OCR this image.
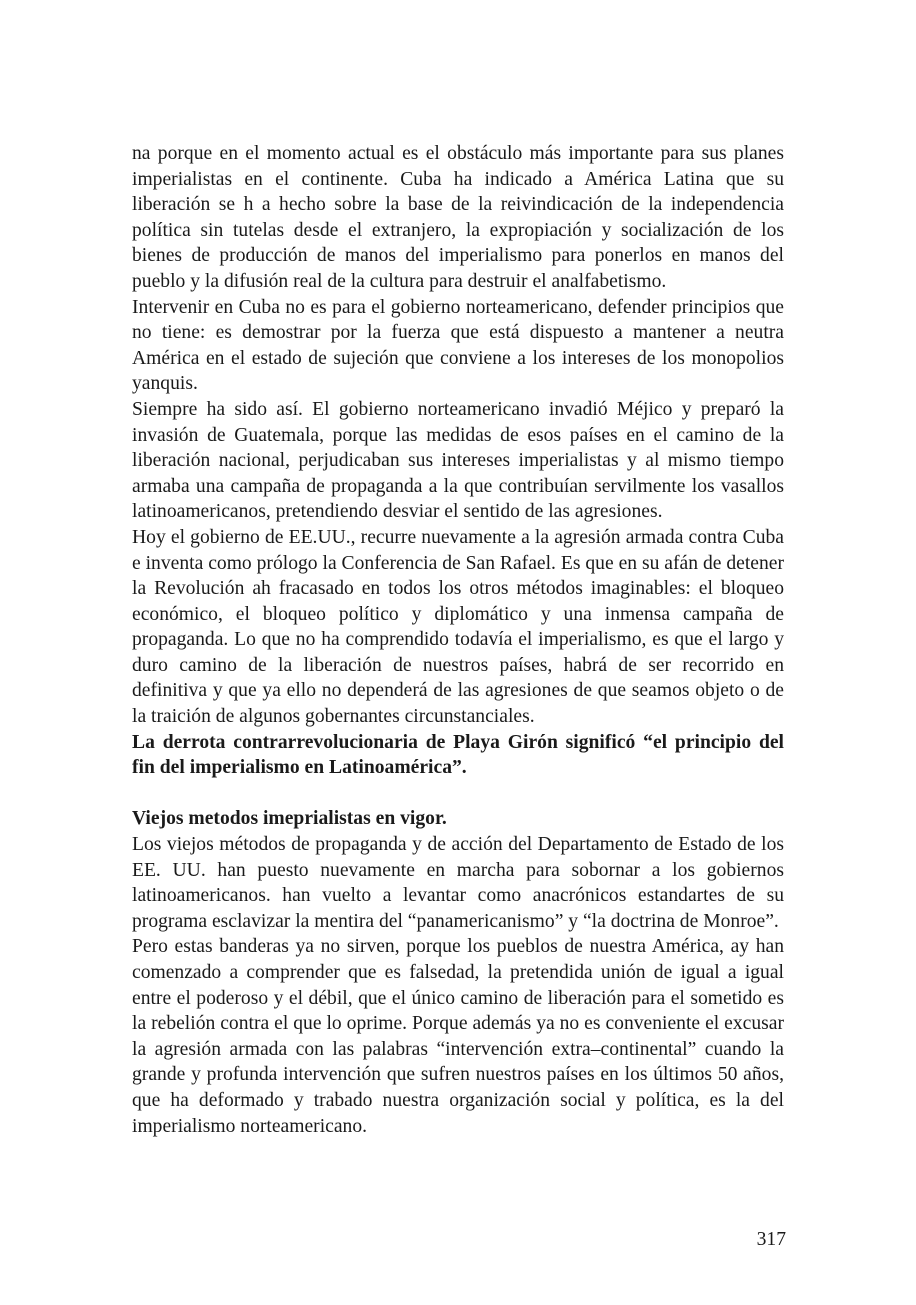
na porque en el momento actual es el obstáculo más importante para sus planes imperialistas en el continente. Cuba ha indicado a América Latina que su liberación se h a hecho sobre la base de la reivindicación de la independencia política sin tutelas desde el extranjero, la expropiación y socialización de los bienes de producción de manos del imperialismo para ponerlos en manos del pueblo y la difusión real de la cultura para destruir el analfabetismo.

Intervenir en Cuba no es para el gobierno norteamericano, defender principios que no tiene: es demostrar por la fuerza que está dispuesto a mantener a neutra América en el estado de sujeción que conviene a los intereses de los monopolios yanquis.

Siempre ha sido así. El gobierno norteamericano invadió Méjico y preparó la invasión de Guatemala, porque las medidas de esos países en el camino de la liberación nacional, perjudicaban sus intereses imperialistas y al mismo tiempo armaba una campaña de propaganda a la que contribuían servilmente los vasallos latinoamericanos, pretendiendo desviar el sentido de las agresiones.

Hoy el gobierno de EE.UU., recurre nuevamente a la agresión armada contra Cuba e inventa como prólogo la Conferencia de San Rafael. Es que en su afán de detener la Revolución ah fracasado en todos los otros métodos imaginables: el bloqueo económico, el bloqueo político y diplomático y una inmensa campaña de propaganda. Lo que no ha comprendido todavía el imperialismo, es que el largo y duro camino de la liberación de nuestros países, habrá de ser recorrido en definitiva y que ya ello no dependerá de las agresiones de que seamos objeto o de la traición de algunos gobernantes circunstanciales.

La derrota contrarrevolucionaria de Playa Girón significó “el principio del fin del imperialismo en Latinoamérica”.

Viejos metodos imeprialistas en vigor.

Los viejos métodos de propaganda y de acción del Departamento de Estado de los EE. UU. han puesto nuevamente en marcha para sobornar a los gobiernos latinoamericanos. han vuelto a levantar como anacrónicos estandartes de su programa esclavizar la mentira del “panamericanismo” y “la doctrina de Monroe”.

Pero estas banderas ya no sirven, porque los pueblos de nuestra América, ay han comenzado a comprender que es falsedad, la pretendida unión de igual a igual entre el poderoso y el débil, que el único camino de liberación para el sometido es la rebelión contra el que lo oprime. Porque además ya no es conveniente el excusar la agresión armada con las palabras “intervención extra–continental” cuando la grande y profunda intervención que sufren nuestros países en los últimos 50 años, que ha deformado y trabado nuestra organización social y política, es la del imperialismo norteamericano.

317
